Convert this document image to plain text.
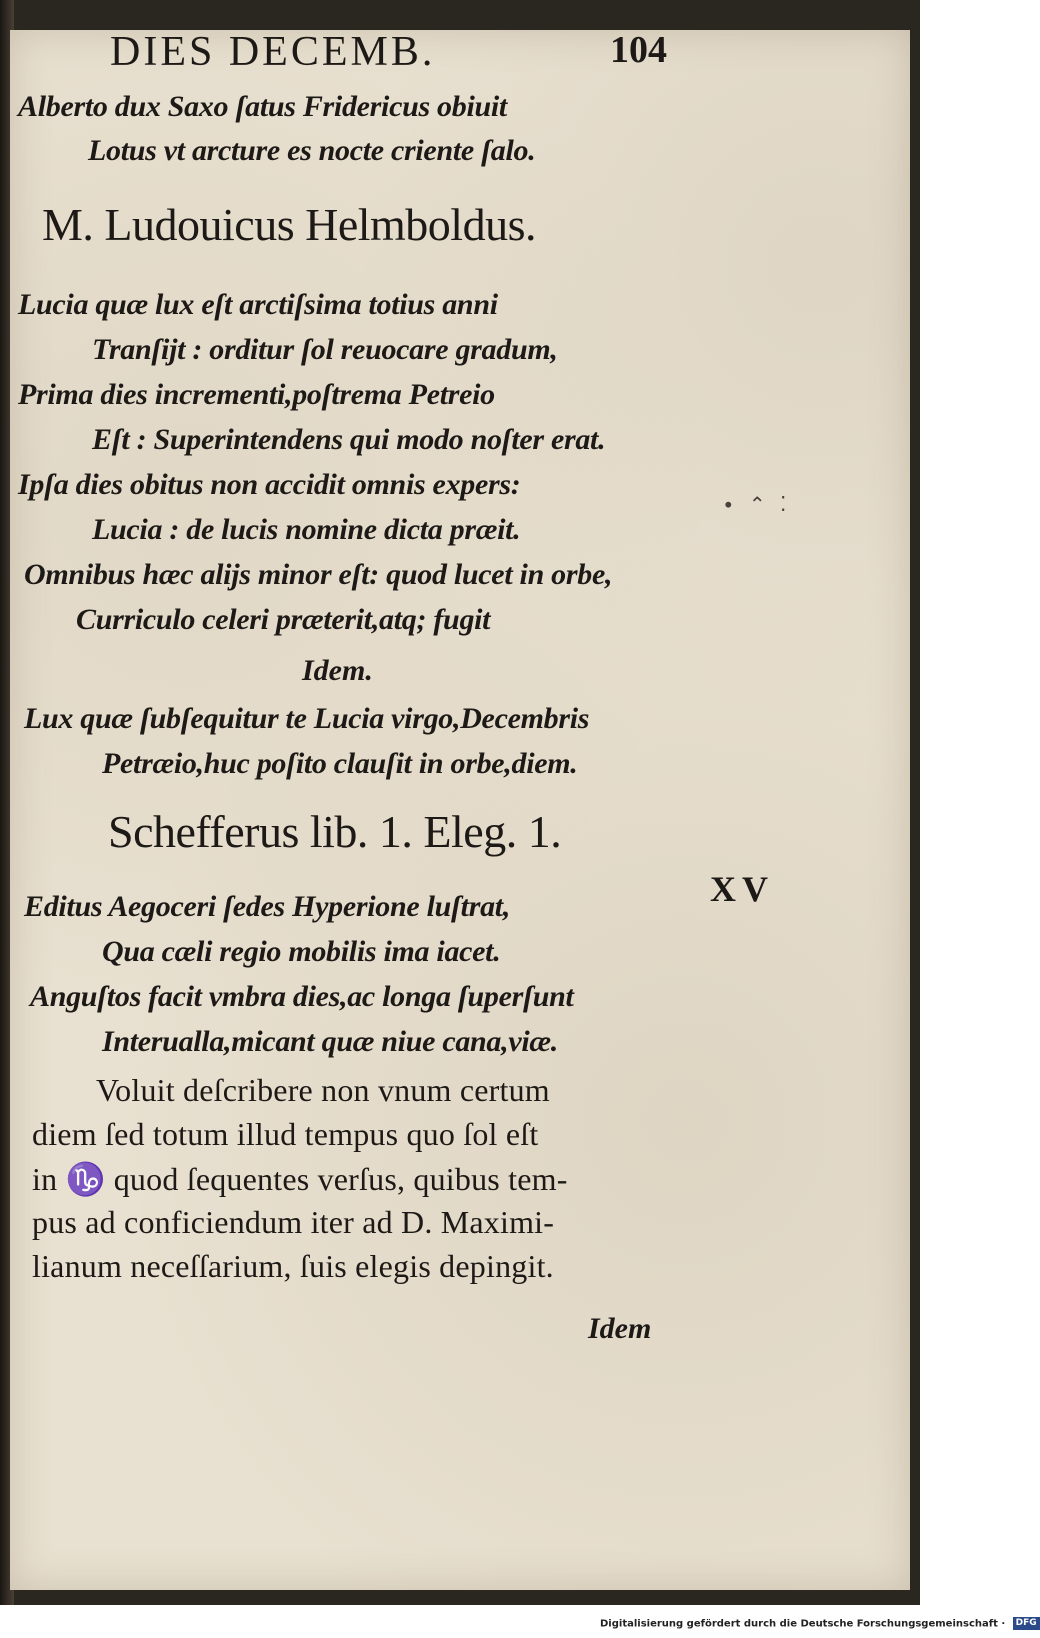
DIES DECEMB.	104
Alberto dux Saxo ſatus Fridericus obiuit
Lotus vt arcture es nocte criente ſalo.
M. Ludouicus Helmboldus.
Lucia quæ lux eſt arctiſsima totius anni
Tranſijt : orditur ſol reuocare gradum,
Prima dies incrementi,poſtrema Petreio
Eſt : Superintendens qui modo noſter erat.
Ipſa dies obitus non accidit omnis expers:
Lucia : de lucis nomine dicta præit.
Omnibus hæc alijs minor eſt: quod lucet in orbe,
Curriculo celeri præterit,atq; fugit
∙ ⌃ ⁚
Idem.
Lux quæ ſubſequitur te Lucia virgo,Decembris
Petræio,huc poſito clauſit in orbe,diem.
Schefferus lib. 1. Eleg. 1.
Editus Aegoceri ſedes Hyperione luſtrat,
Qua cæli regio mobilis ima iacet.
Anguſtos facit vmbra dies,ac longa ſuperſunt
Interualla,micant quæ niue cana,viæ.
XV
Voluit deſcribere non vnum certum
diem ſed totum illud tempus quo ſol eſt
in ♑ quod ſequentes verſus, quibus tem-
pus ad conficiendum iter ad D. Maximi-
lianum neceſſarium, ſuis elegis depingit.
Idem
Digitalisierung gefördert durch die Deutsche Forschungsgemeinschaft · DFG
